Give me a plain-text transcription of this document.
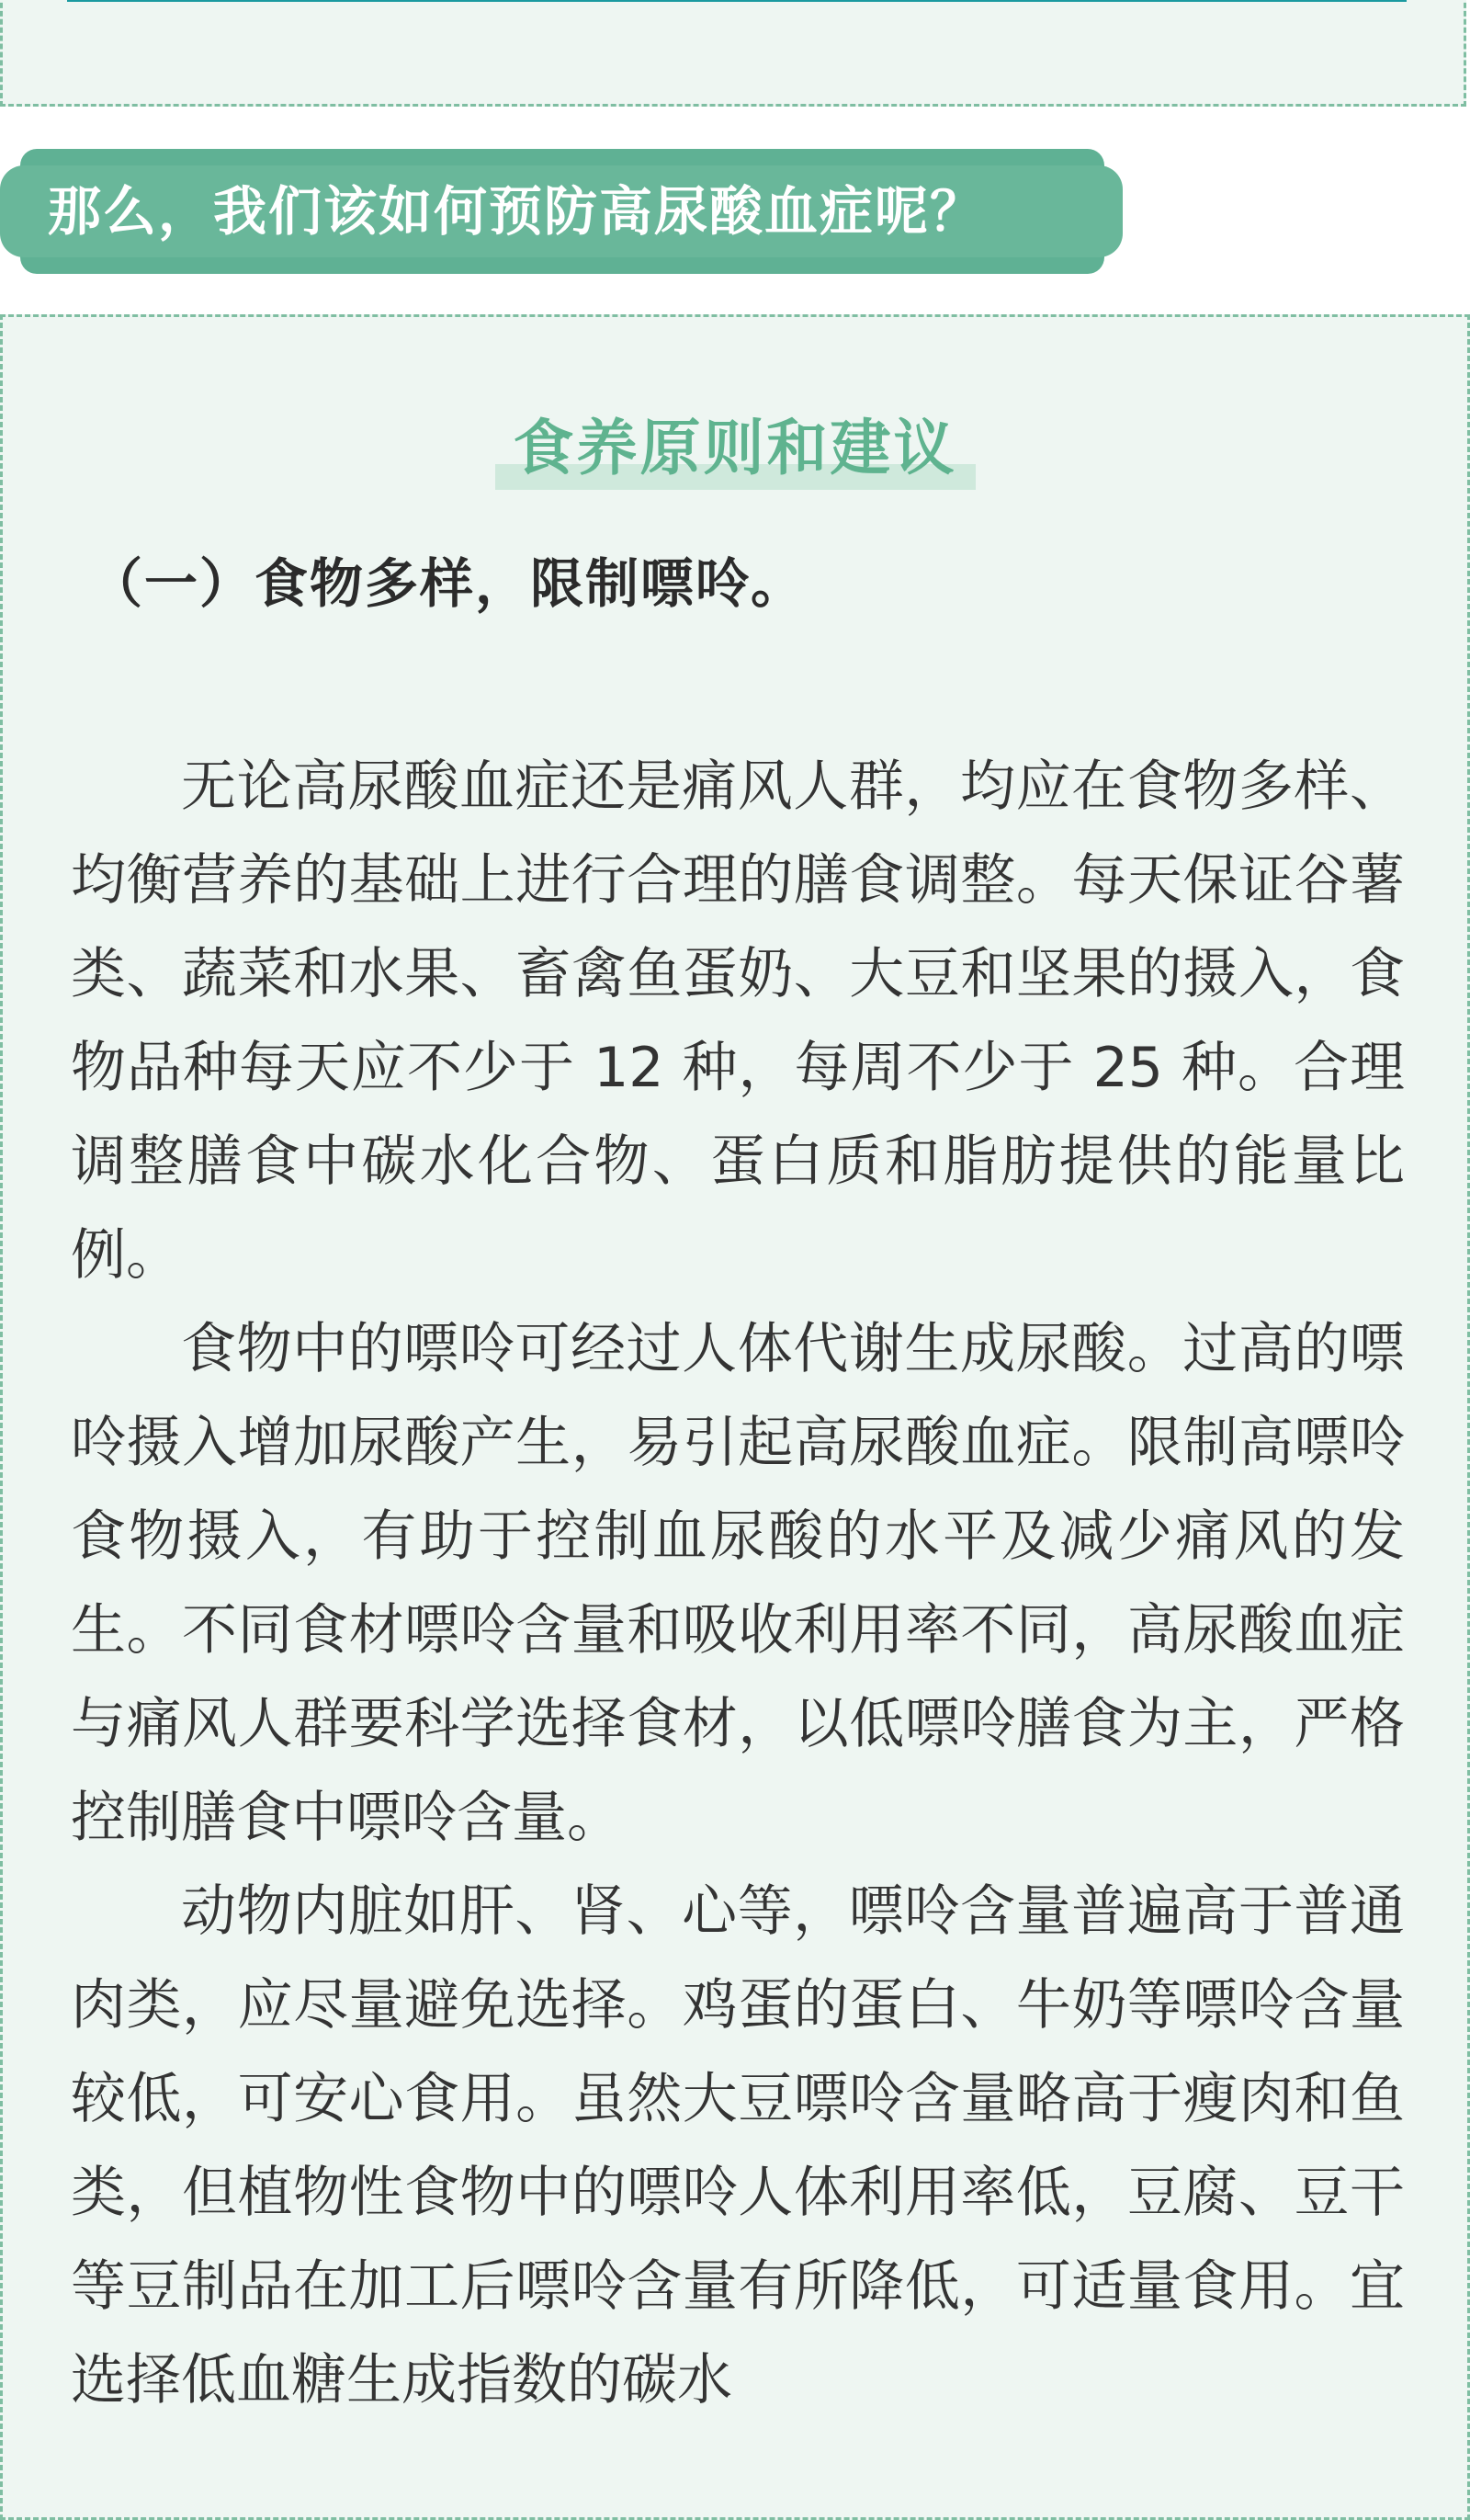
那么，我们该如何预防高尿酸血症呢？
食养原则和建议
（一）食物多样，限制嘌呤。

无论高尿酸血症还是痛风人群，均应在食物多样、均衡营养的基础上进行合理的膳食调整。每天保证谷薯类、蔬菜和水果、畜禽鱼蛋奶、大豆和坚果的摄入，食物品种每天应不少于 12 种，每周不少于 25 种。合理调整膳食中碳水化合物、蛋白质和脂肪提供的能量比例。

食物中的嘌呤可经过人体代谢生成尿酸。过高的嘌呤摄入增加尿酸产生，易引起高尿酸血症。限制高嘌呤食物摄入，有助于控制血尿酸的水平及减少痛风的发生。不同食材嘌呤含量和吸收利用率不同，高尿酸血症与痛风人群要科学选择食材，以低嘌呤膳食为主，严格控制膳食中嘌呤含量。

动物内脏如肝、肾、心等，嘌呤含量普遍高于普通肉类，应尽量避免选择。鸡蛋的蛋白、牛奶等嘌呤含量较低，可安心食用。虽然大豆嘌呤含量略高于瘦肉和鱼类，但植物性食物中的嘌呤人体利用率低，豆腐、豆干等豆制品在加工后嘌呤含量有所降低，可适量食用。宜选择低血糖生成指数的碳水
